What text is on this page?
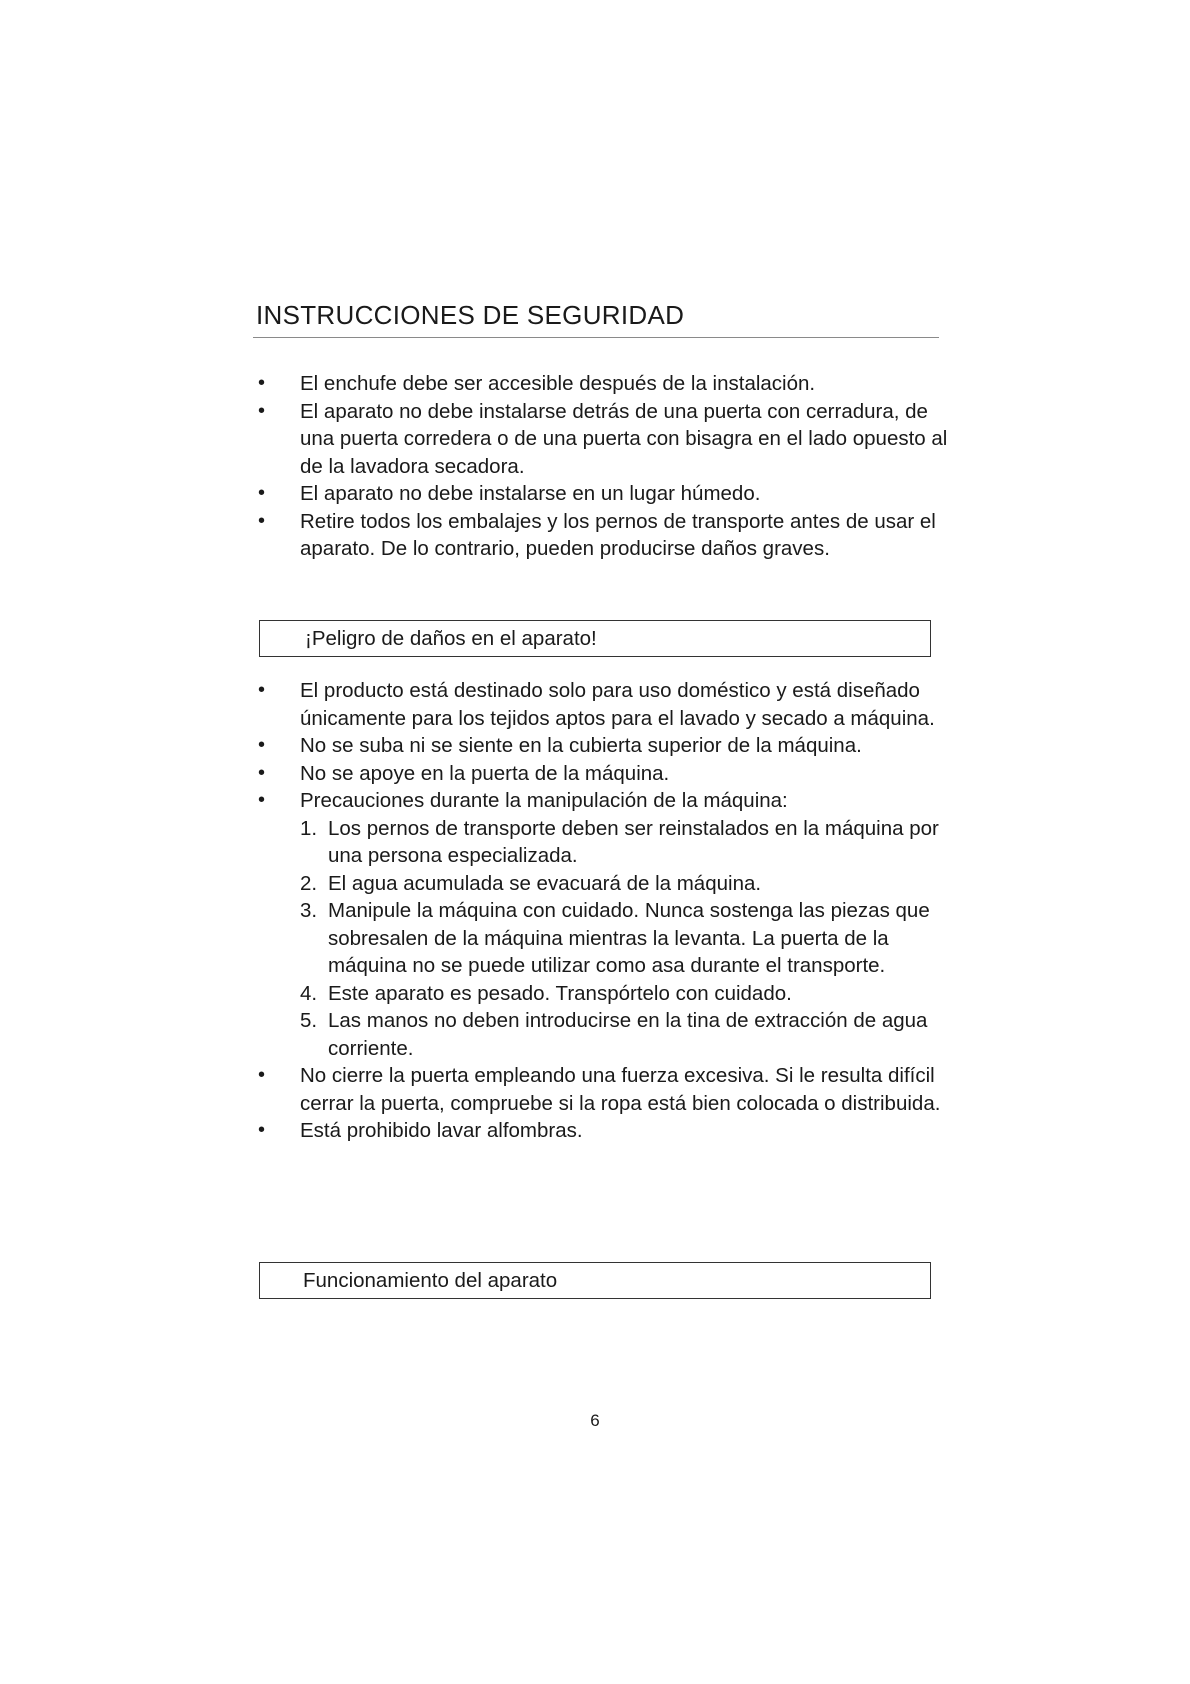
INSTRUCCIONES DE SEGURIDAD
•	El enchufe debe ser accesible después de la instalación.
•	El aparato no debe instalarse detrás de una puerta con cerradura, de una puerta corredera o de una puerta con bisagra en el lado opuesto al de la lavadora secadora.
•	El aparato no debe instalarse en un lugar húmedo.
•	Retire todos los embalajes y los pernos de transporte antes de usar el aparato. De lo contrario, pueden producirse daños graves.
¡Peligro de daños en el aparato!
•	El producto está destinado solo para uso doméstico y está diseñado únicamente para los tejidos aptos para el lavado y secado a máquina.
•	No se suba ni se siente en la cubierta superior de la máquina.
•	No se apoye en la puerta de la máquina.
•	Precauciones durante la manipulación de la máquina:
1. Los pernos de transporte deben ser reinstalados en la máquina por una persona especializada.
2. El agua acumulada se evacuará de la máquina.
3. Manipule la máquina con cuidado. Nunca sostenga las piezas que sobresalen de la máquina mientras la levanta. La puerta de la máquina no se puede utilizar como asa durante el transporte.
4. Este aparato es pesado. Transpórtelo con cuidado.
5. Las manos no deben introducirse en la tina de extracción de agua corriente.
•	No cierre la puerta empleando una fuerza excesiva. Si le resulta difícil cerrar la puerta, compruebe si la ropa está bien colocada o distribuida.
•	Está prohibido lavar alfombras.
Funcionamiento del aparato
6
